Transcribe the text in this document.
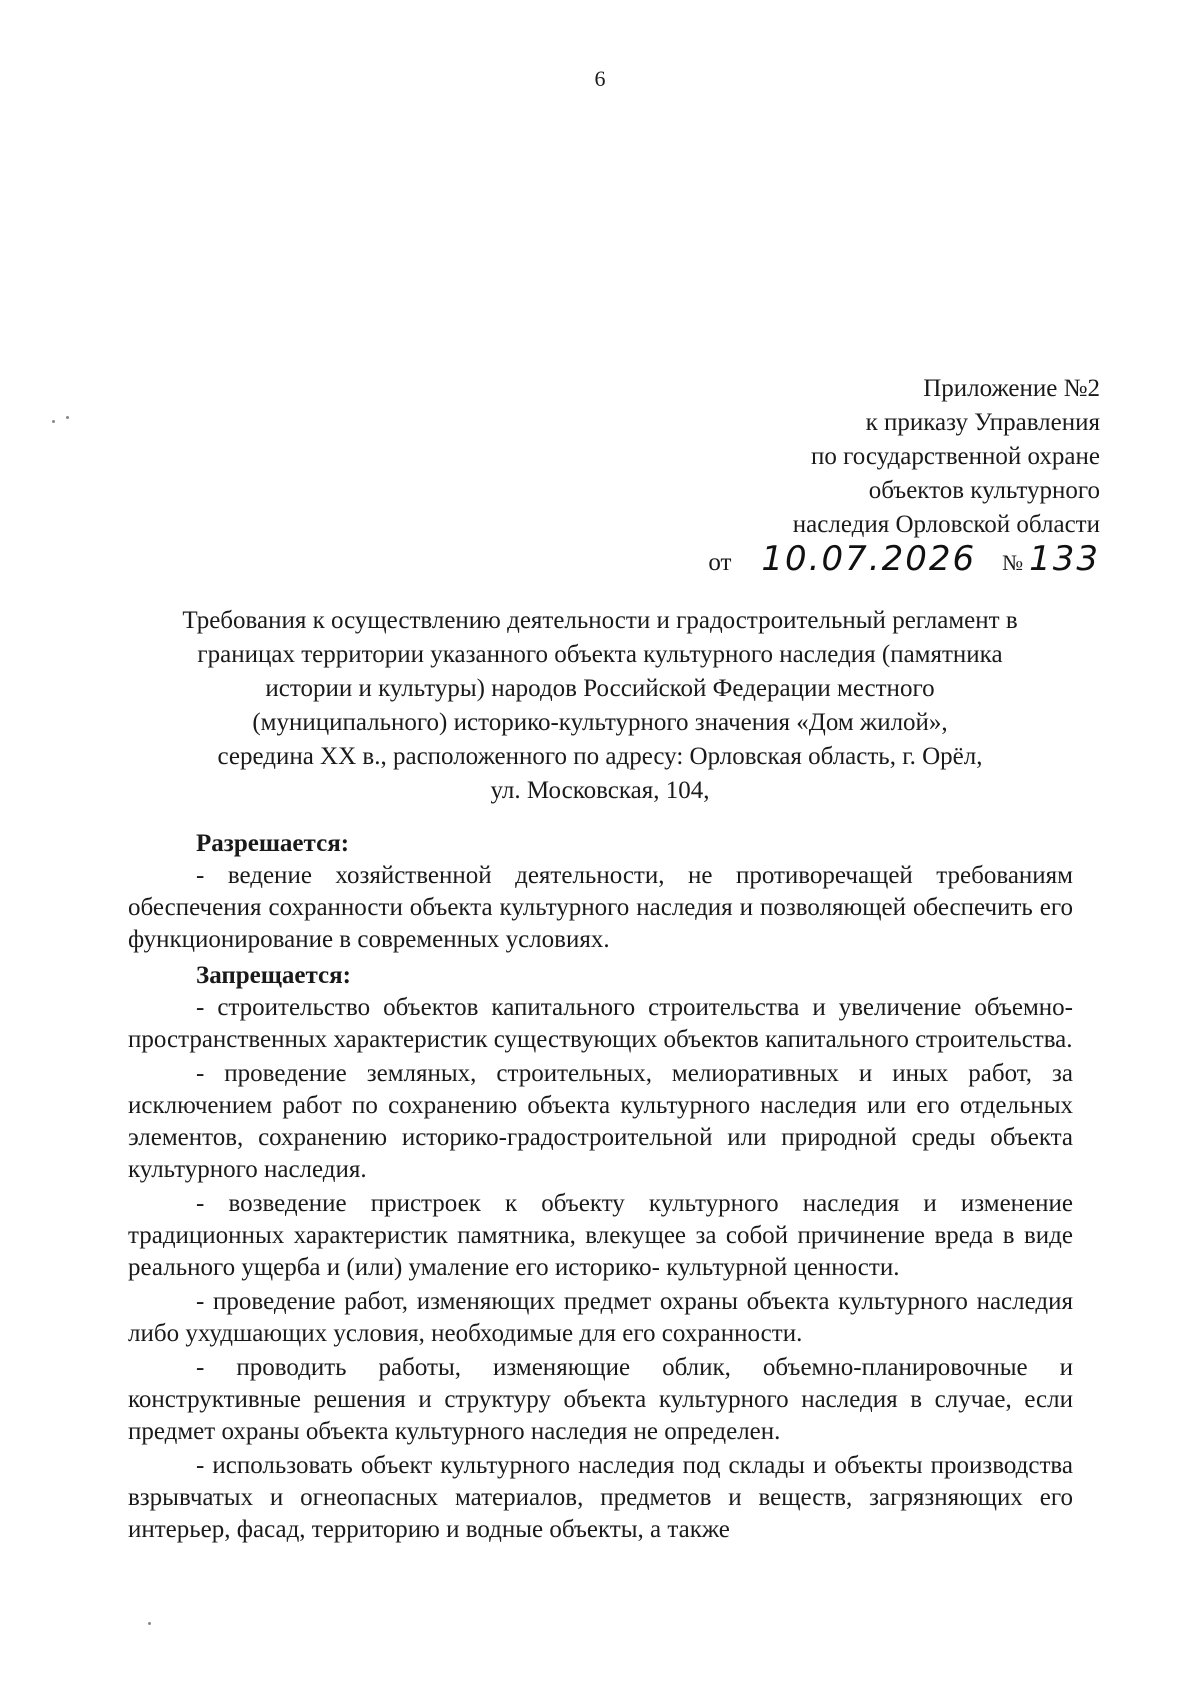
6
Приложение №2
к приказу Управления
по государственной охране
объектов культурного
наследия Орловской области
от 10.07.2026 № 133
Требования к осуществлению деятельности и градостроительный регламент в
границах территории указанного объекта культурного наследия (памятника
истории и культуры) народов Российской Федерации местного
(муниципального) историко-культурного значения «Дом жилой»,
середина XX в., расположенного по адресу: Орловская область, г. Орёл,
ул. Московская, 104,
Разрешается:

- ведение хозяйственной деятельности, не противоречащей требованиям обеспечения сохранности объекта культурного наследия и позволяющей обеспечить его функционирование в современных условиях.

Запрещается:

- строительство объектов капитального строительства и увеличение объемно-пространственных характеристик существующих объектов капитального строительства.

- проведение земляных, строительных, мелиоративных и иных работ, за исключением работ по сохранению объекта культурного наследия или его отдельных элементов, сохранению историко-градостроительной или природной среды объекта культурного наследия.

- возведение пристроек к объекту культурного наследия и изменение традиционных характеристик памятника, влекущее за собой причинение вреда в виде реального ущерба и (или) умаление его историко- культурной ценности.

- проведение работ, изменяющих предмет охраны объекта культурного наследия либо ухудшающих условия, необходимые для его сохранности.

- проводить работы, изменяющие облик, объемно-планировочные и конструктивные решения и структуру объекта культурного наследия в случае, если предмет охраны объекта культурного наследия не определен.

- использовать объект культурного наследия под склады и объекты производства взрывчатых и огнеопасных материалов, предметов и веществ, загрязняющих его интерьер, фасад, территорию и водные объекты, а также
